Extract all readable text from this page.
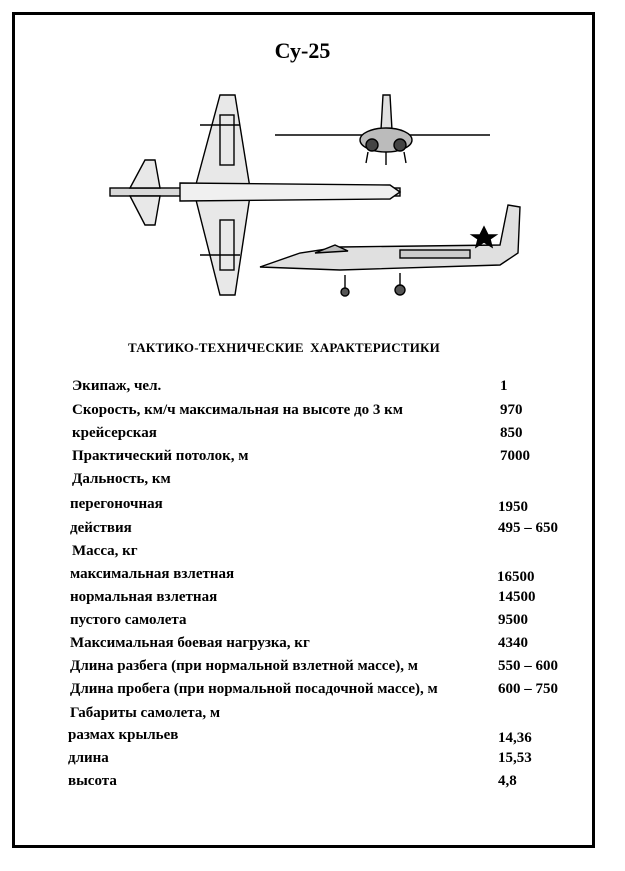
Су-25
ТАКТИКО-ТЕХНИЧЕСКИЕ ХАРАКТЕРИСТИКИ
Экипаж, чел.	1
Скорость, км/ч максимальная на высоте до 3 км	970
крейсерская	850
Практический потолок, м	7000
Дальность, км
перегоночная	1950
действия	495 – 650
Масса, кг
максимальная взлетная	16500
нормальная взлетная	14500
пустого самолета	9500
Максимальная боевая нагрузка, кг	4340
Длина разбега (при нормальной взлетной массе), м	550 – 600
Длина пробега (при нормальной посадочной массе), м	600 – 750
Габариты самолета, м
размах крыльев	14,36
длина	15,53
высота	4,8
